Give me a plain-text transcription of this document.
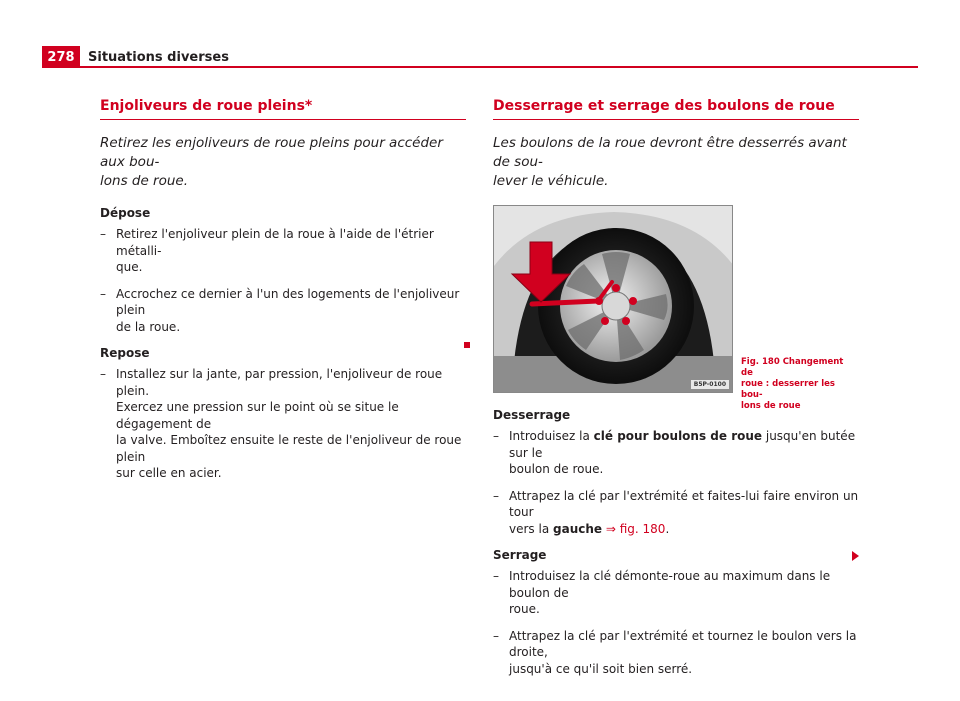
278	Situations diverses
Enjoliveurs de roue pleins*

Retirez les enjoliveurs de roue pleins pour accéder aux bou-
lons de roue.

Dépose
– Retirez l'enjoliveur plein de la roue à l'aide de l'étrier métalli-
que.
– Accrochez ce dernier à l'un des logements de l'enjoliveur plein
de la roue.
Repose
– Installez sur la jante, par pression, l'enjoliveur de roue plein.
Exercez une pression sur le point où se situe le dégagement de
la valve. Emboîtez ensuite le reste de l'enjoliveur de roue plein
sur celle en acier.
Desserrage et serrage des boulons de roue

Les boulons de la roue devront être desserrés avant de sou-
lever le véhicule.

B5P-0100
Fig. 180 Changement de
roue : desserrer les bou-
lons de roue
Desserrage
– Introduisez la clé pour boulons de roue jusqu'en butée sur le
boulon de roue.
– Attrapez la clé par l'extrémité et faites-lui faire environ un tour
vers la gauche ⇒ fig. 180.
Serrage
– Introduisez la clé démonte-roue au maximum dans le boulon de
roue.
– Attrapez la clé par l'extrémité et tournez le boulon vers la droite,
jusqu'à ce qu'il soit bien serré.
